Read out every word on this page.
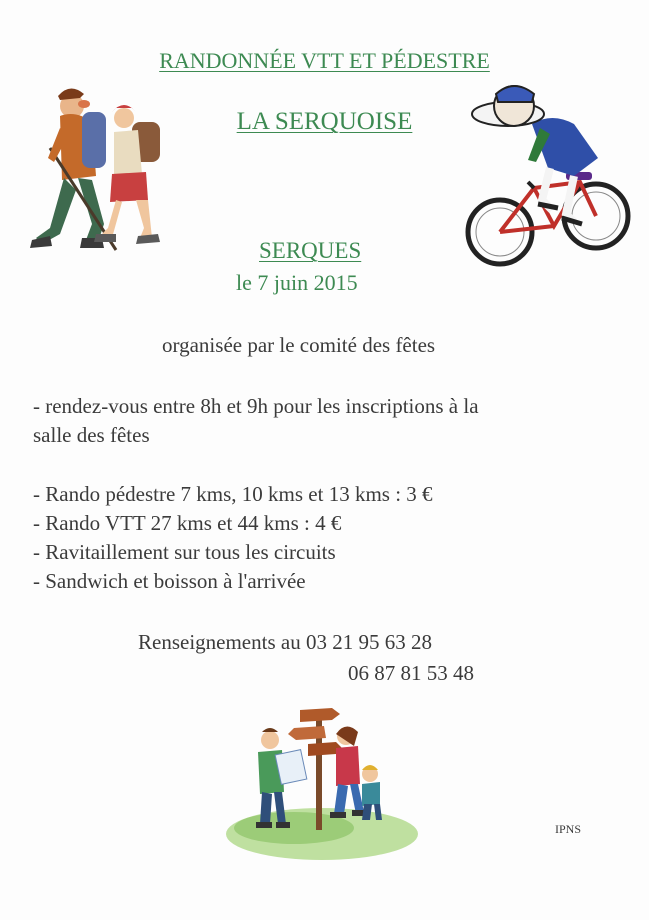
RANDONNÉE VTT ET PÉDESTRE
LA SERQUOISE
SERQUES
le 7 juin 2015
organisée par le comité des fêtes
- rendez-vous entre 8h et 9h pour les inscriptions à la
salle des fêtes
- Rando pédestre 7 kms, 10 kms et 13 kms : 3 €
- Rando VTT 27 kms et 44 kms : 4 €
- Ravitaillement sur tous les circuits
- Sandwich et boisson à l'arrivée
Renseignements au 03 21 95 63 28
06 87 81 53 48
IPNS
